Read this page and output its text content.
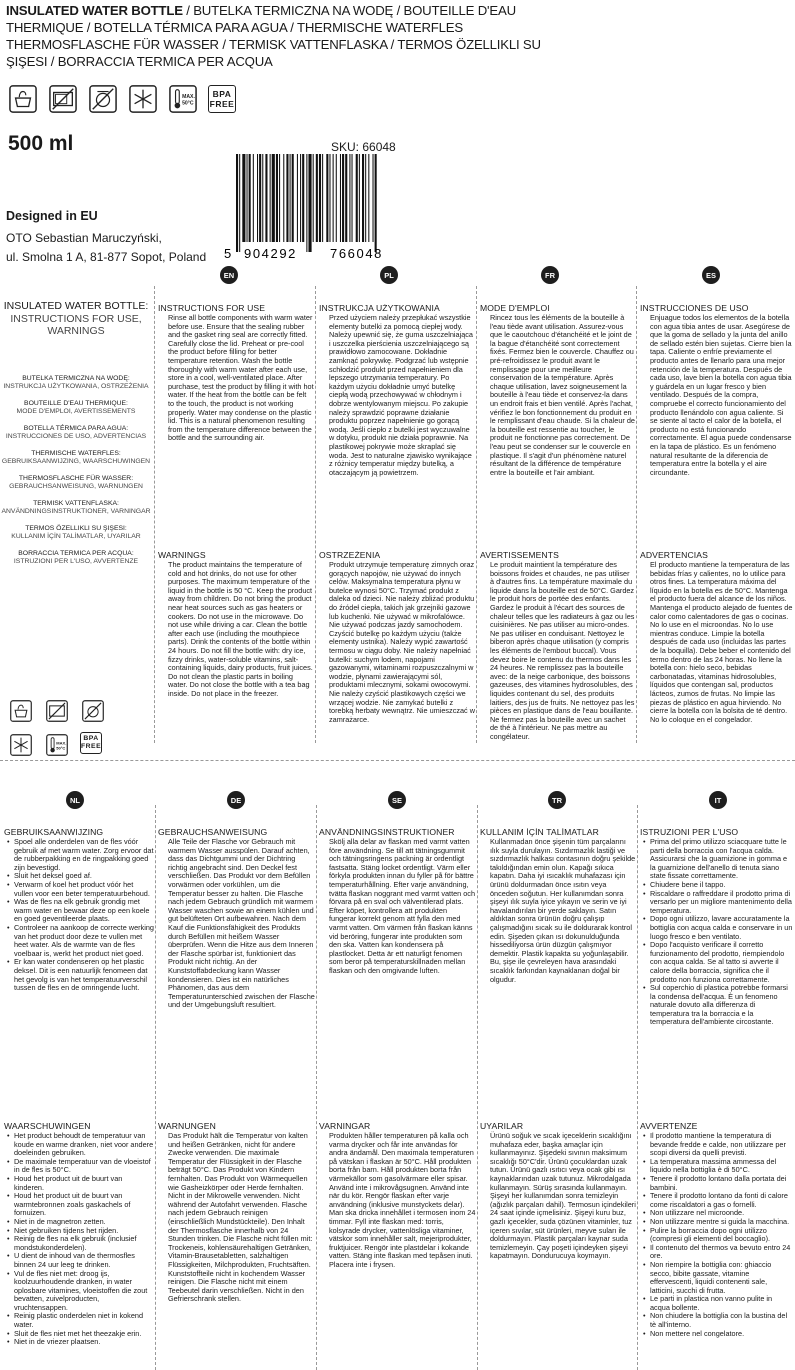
INSULATED WATER BOTTLE / BUTELKA TERMICZNA NA WODĘ / BOUTEILLE D'EAU THERMIQUE / BOTELLA TÉRMICA PARA AGUA / THERMISCHE WATERFLES THERMOSFLASCHE FÜR WASSER / TERMISK VATTENFLASKA / TERMOS ÖZELLIKLI SU ŞIŞESI / BORRACCIA TERMICA PER ACQUA
MAX.
50°C
BPA
FREE
500 ml	SKU: 66048
5 904292	766048
Designed in EU
OTO Sebastian Maruczyński,
ul. Smolna 1 A, 81-877 Sopot, Poland
EN	PL	FR	ES
INSULATED WATER BOTTLE:
INSTRUCTIONS FOR USE, WARNINGS
BUTELKA TERMICZNA NA WODĘ:
INSTRUKCJA UŻYTKOWANIA, OSTRZEŻENIA
BOUTEILLE D'EAU THERMIQUE:
MODE D'EMPLOI, AVERTISSEMENTS
BOTELLA TÉRMICA PARA AGUA:
INSTRUCCIONES DE USO, ADVERTENCIAS
THERMISCHE WATERFLES:
GEBRUIKSAANWIJZING, WAARSCHUWINGEN
THERMOSFLASCHE FÜR WASSER:
GEBRAUCHSANWEISUNG, WARNUNGEN
TERMISK VATTENFLASKA:
ANVÄNDNINGSINSTRUKTIONER, VARNINGAR
TERMOS ÖZELLIKLI SU ŞIŞESI:
KULLANIM İÇİN TALİMATLAR, UYARILAR
BORRACCIA TERMICA PER ACQUA:
ISTRUZIONI PER L'USO, AVVERTENZE
MAX.
50°C
BPA
FREE
INSTRUCTIONS FOR USE

Rinse all bottle components with warm water before use. Ensure that the sealing rubber and the gasket ring seal are correctly fitted. Carefully close the lid. Preheat or pre-cool the product before filling for better temperature retention. Wash the bottle thoroughly with warm water after each use, store in a cool, well-ventilated place. After purchase, test the product by filling it with hot water. If the heat from the bottle can be felt to the touch, the product is not working properly. Water may condense on the plastic lid. This is a natural phenomenon resulting from the temperature difference between the bottle and the surrounding air.

WARNINGS

The product maintains the temperature of cold and hot drinks, do not use for other purposes. The maximum temperature of the liquid in the bottle is 50 °C. Keep the product away from children. Do not bring the product near heat sources such as gas heaters or cookers. Do not use in the microwave. Do not use while driving a car. Clean the bottle after each use (including the mouthpiece parts). Drink the contents of the bottle within 24 hours. Do not fill the bottle with: dry ice, fizzy drinks, water-soluble vitamins, salt-containing liquids, dairy products, fruit juices. Do not clean the plastic parts in boiling water. Do not close the bottle with a tea bag inside. Do not place in the freezer.

INSTRUKCJA UŻYTKOWANIA

Przed użyciem należy przepłukać wszystkie elementy butelki za pomocą ciepłej wody. Należy upewnić się, że guma uszczelniająca i uszczelka pierścienia uszczelniającego są prawidłowo zamocowane. Dokładnie zamknąć pokrywkę. Podgrzać lub wstępnie schłodzić produkt przed napełnieniem dla lepszego utrzymania temperatury. Po każdym użyciu dokładnie umyć butelkę ciepłą wodą przechowywać w chłodnym i dobrze wentylowanym miejscu. Po zakupie należy sprawdzić poprawne działanie produktu poprzez napełnienie go gorącą wodą. Jeśli ciepło z butelki jest wyczuwalne w dotyku, produkt nie działa poprawnie. Na plastikowej pokrywie może skraplać się woda. Jest to naturalne zjawisko wynikające z różnicy temperatur między butelką, a otaczającym ją powietrzem.

OSTRZEŻENIA

Produkt utrzymuje temperaturę zimnych oraz gorących napojów, nie używać do innych celów. Maksymalna temperatura płynu w butelce wynosi 50°C. Trzymać produkt z daleka od dzieci. Nie należy zbliżać produktu do źródeł ciepła, takich jak grzejniki gazowe lub kuchenki. Nie używać w mikrofalówce. Nie używać podczas jazdy samochodem. Czyścić butelkę po każdym użyciu (także elementy ustnika). Należy wypić zawartość termosu w ciągu doby. Nie należy napełniać butelki: suchym lodem, napojami gazowanymi, witaminami rozpuszczalnymi w wodzie, płynami zawierającymi sól, produktami mlecznymi, sokami owocowymi. Nie należy czyścić plastikowych części we wrzącej wodzie. Nie zamykać butelki z torebką herbaty wewnątrz. Nie umieszczać w zamrażarce.

MODE D'EMPLOI

Rincez tous les éléments de la bouteille à l'eau tiède avant utilisation. Assurez-vous que le caoutchouc d'étanchéité et le joint de la bague d'étanchéité sont correctement fixés. Fermez bien le couvercle. Chauffez ou pré-refroidissez le produit avant le remplissage pour une meilleure conservation de la température. Après chaque utilisation, lavez soigneusement la bouteille à l'eau tiède et conservez-la dans un endroit frais et bien ventilé. Après l'achat, vérifiez le bon fonctionnement du produit en le remplissant d'eau chaude. Si la chaleur de la bouteille est ressentie au toucher, le produit ne fonctionne pas correctement. De l'eau peut se condenser sur le couvercle en plastique. Il s'agit d'un phénomène naturel résultant de la différence de température entre la bouteille et l'air ambiant.

AVERTISSEMENTS

Le produit maintient la température des boissons froides et chaudes, ne pas utiliser à d'autres fins. La température maximale du liquide dans la bouteille est de 50°C. Gardez le produit hors de portée des enfants. Gardez le produit à l'écart des sources de chaleur telles que les radiateurs à gaz ou les cuisinières. Ne pas utiliser au micro-ondes. Ne pas utiliser en conduisant. Nettoyez le biberon après chaque utilisation (y compris les éléments de l'embout buccal). Vous devez boire le contenu du thermos dans les 24 heures. Ne remplissez pas la bouteille avec: de la neige carbonique, des boissons gazeuses, des vitamines hydrosolubles, des liquides contenant du sel, des produits laitiers, des jus de fruits. Ne nettoyez pas les pièces en plastique dans de l'eau bouillante. Ne fermez pas la bouteille avec un sachet de thé à l'intérieur. Ne pas mettre au congélateur.

INSTRUCCIONES DE USO

Enjuague todos los elementos de la botella con agua tibia antes de usar. Asegúrese de que la goma de sellado y la junta del anillo de sellado estén bien sujetas. Cierre bien la tapa. Caliente o enfríe previamente el producto antes de llenarlo para una mejor retención de la temperatura. Después de cada uso, lave bien la botella con agua tibia y guárdela en un lugar fresco y bien ventilado. Después de la compra, compruebe el correcto funcionamiento del producto llenándolo con agua caliente. Si se siente al tacto el calor de la botella, el producto no está funcionando correctamente. El agua puede condensarse en la tapa de plástico. Es un fenómeno natural resultante de la diferencia de temperatura entre la botella y el aire circundante.

ADVERTENCIAS

El producto mantiene la temperatura de las bebidas frías y calientes, no lo utilice para otros fines. La temperatura máxima del líquido en la botella es de 50°C. Mantenga el producto fuera del alcance de los niños. Mantenga el producto alejado de fuentes de calor como calentadores de gas o cocinas. No lo use en el microondas. No lo use mientras conduce. Limpie la botella después de cada uso (incluidas las partes de la boquilla). Debe beber el contenido del termo dentro de las 24 horas. No llene la botella con: hielo seco, bebidas carbonatadas, vitaminas hidrosolubles, líquidos que contengan sal, productos lácteos, zumos de frutas. No limpie las piezas de plástico en agua hirviendo. No cierre la botella con la bolsita de té dentro. No lo coloque en el congelador.

NL	DE	SE	TR	IT
GEBRUIKSAANWIJZING
• Spoel alle onderdelen van de fles vóór gebruik af met warm water. Zorg ervoor dat de rubberpakking en de ringpakking goed zijn bevestigd.
• Sluit het deksel goed af.
• Verwarm of koel het product vóór het vullen voor een beter temperatuurbehoud.
• Was de fles na elk gebruik grondig met warm water en bewaar deze op een koele en goed geventileerde plaats.
• Controleer na aankoop de correcte werking van het product door deze te vullen met heet water. Als de warmte van de fles voelbaar is, werkt het product niet goed.
• Er kan water condenseren op het plastic deksel. Dit is een natuurlijk fenomeen dat het gevolg is van het temperatuurverschil tussen de fles en de omringende lucht.
WAARSCHUWINGEN
• Het product behoudt de temperatuur van koude en warme dranken, niet voor andere doeleinden gebruiken.
• De maximale temperatuur van de vloeistof in de fles is 50°C.
• Houd het product uit de buurt van kinderen.
• Houd het product uit de buurt van warmtebronnen zoals gaskachels of fornuizen.
• Niet in de magnetron zetten.
• Niet gebruiken tijdens het rijden.
• Reinig de fles na elk gebruik (inclusief mondstukonderdelen).
• U dient de inhoud van de thermosfles binnen 24 uur leeg te drinken.
• Vul de fles niet met: droog ijs, koolzuurhoudende dranken, in water oplosbare vitamines, vloeistoffen die zout bevatten, zuivelproducten, vruchtensappen.
• Reinig plastic onderdelen niet in kokend water.
• Sluit de fles niet met het theezakje erin.
• Niet in de vriezer plaatsen.
GEBRAUCHSANWEISUNG

Alle Teile der Flasche vor Gebrauch mit warmem Wasser ausspülen. Darauf achten, dass das Dichtgummi und der Dichtring richtig angebracht sind. Den Deckel fest verschließen. Das Produkt vor dem Befüllen vorwärmen oder vorkühlen, um die Temperatur besser zu halten. Die Flasche nach jedem Gebrauch gründlich mit warmem Wasser waschen sowie an einem kühlen und gut belüfteten Ort aufbewahren. Nach dem Kauf die Funktionsfähigkeit des Produkts durch Befüllen mit heißem Wasser überprüfen. Wenn die Hitze aus dem Inneren der Flasche spürbar ist, funktioniert das Produkt nicht richtig. An der Kunststoffabdeckung kann Wasser kondensieren. Dies ist ein natürliches Phänomen, das aus dem Temperaturunterschied zwischen der Flasche und der Umgebungsluft resultiert.

WARNUNGEN

Das Produkt hält die Temperatur von kalten und heißen Getränken, nicht für andere Zwecke verwenden. Die maximale Temperatur der Flüssigkeit in der Flasche beträgt 50°C. Das Produkt von Kindern fernhalten. Das Produkt von Wärmequellen wie Gasheizkörper oder Herde fernhalten. Nicht in der Mikrowelle verwenden. Nicht während der Autofahrt verwenden. Flasche nach jedem Gebrauch reinigen (einschließlich Mundstückteile). Den Inhalt der Thermosflasche innerhalb von 24 Stunden trinken. Die Flasche nicht füllen mit: Trockeneis, kohlensäurehaltigen Getränken, Vitamin-Brausetabletten, salzhaltigen Flüssigkeiten, Milchprodukten, Fruchtsäften. Kunststoffteile nicht in kochendem Wasser reinigen. Die Flasche nicht mit einem Teebeutel darin verschließen. Nicht in den Gefrierschrank stellen.

ANVÄNDNINGSINSTRUKTIONER

Skölj alla delar av flaskan med varmt vatten före användning. Se till att tätningsgummit och tätningsringens packning är ordentligt fastsatta. Stäng locket ordentligt. Värm eller förkyla produkten innan du fyller på för bättre temperaturhållning. Efter varje användning, tvätta flaskan noggrant med varmt vatten och förvara på en sval och välventilerad plats. Efter köpet, kontrollera att produkten fungerar korrekt genom att fylla den med varmt vatten. Om värmen från flaskan känns vid beröring, fungerar inte produkten som den ska. Vatten kan kondensera på plastlocket. Detta är ett naturligt fenomen som beror på temperaturskillnaden mellan flaskan och den omgivande luften.

VARNINGAR

Produkten håller temperaturen på kalla och varma drycker och får inte användas för andra ändamål. Den maximala temperaturen på vätskan i flaskan är 50°C. Håll produkten borta från barn. Håll produkten borta från värmekällor som gasolvärmare eller spisar. Använd inte i mikrovågsugnen. Använd inte när du kör. Rengör flaskan efter varje användning (inklusive munstyckets delar). Man ska dricka innehållet i termosen inom 24 timmar. Fyll inte flaskan med: torris, kolsyrade drycker, vattenlösliga vitaminer, vätskor som innehåller salt, mejeriprodukter, fruktjuicer. Rengör inte plastdelar i kokande vatten. Stäng inte flaskan med tepåsen inuti. Placera inte i frysen.

KULLANIM İÇİN TALİMATLAR

Kullanmadan önce şişenin tüm parçalarını ılık suyla durulayın. Sızdırmazlık lastiği ve sızdırmazlık halkası contasının doğru şekilde takıldığından emin olun. Kapağı sıkıca kapatın. Daha iyi ısıcaklık muhafazası için ürünü doldurmadan önce ısıtın veya önceden soğutun. Her kullanımdan sonra şişeyi ılık suyla iyice yıkayın ve serin ve iyi havalandırılan bir yerde saklayın. Satın aldıktan sonra ürünün doğru çalışıp çalışmadığını sıcak su ile doldurarak kontrol edin. Şişeden çıkan ısı dokunulduğunda hissediliyorsa ürün düzgün çalışmıyor demektir. Plastik kapakta su yoğunlaşabilir. Bu, şişe ile çevreleyen hava arasındaki sıcaklık farkından kaynaklanan doğal bir olgudur.

UYARILAR

Ürünü soğuk ve sıcak içeceklerin sıcaklığını muhafaza eder, başka amaçlar için kullanmayınız. Şişedeki sıvının maksimum sıcaklığı 50°C'dir. Ürünü çocuklardan uzak tutun. Ürünü gazlı ısıtıcı veya ocak gibi ısı kaynaklarından uzak tutunuz. Mikrodalgada kullanmayın. Sürüş sırasında kullanmayın. Şişeyi her kullanımdan sonra temizleyin (ağızlık parçaları dahil). Termosun içindekileri 24 saat içinde içmelisiniz. Şişeyi kuru buz, gazlı içecekler, suda çözünen vitaminler, tuz içeren sıvılar, süt ürünleri, meyve suları ile doldurmayın. Plastik parçaları kaynar suda temizlemeyin. Çay poşeti içindeyken şişeyi kapatmayın. Dondurucuya koymayın.

ISTRUZIONI PER L'USO
• Prima del primo utilizzo sciacquare tutte le parti della borraccia con l'acqua calda. Assicurarsi che la guarnizione in gomma e la guarnizione dell'anello di tenuta siano state fissate correttamente.
• Chiudere bene il tappo.
• Riscaldare o raffreddare il prodotto prima di versarlo per un migliore mantenimento della temperatura.
• Dopo ogni utilizzo, lavare accuratamente la bottiglia con acqua calda e conservare in un luogo fresco e ben ventilato.
• Dopo l'acquisto verificare il corretto funzionamento del prodotto, riempiendolo con acqua calda. Se al tatto si avverte il calore della borraccia, significa che il prodotto non funziona correttamente.
• Sul coperchio di plastica potrebbe formarsi la condensa dell'acqua. È un fenomeno naturale dovuto alla differenza di temperatura tra la borraccia e la temperatura dell'ambiente circostante.
AVVERTENZE
• Il prodotto mantiene la temperatura di bevande fredde e calde, non utilizzare per scopi diversi da quelli previsti.
• La temperatura massima ammessa del liquido nella bottiglia è di 50°C.
• Tenere il prodotto lontano dalla portata dei bambini.
• Tenere il prodotto lontano da fonti di calore come riscaldatori a gas o fornelli.
• Non utilizzare nel microonde.
• Non utilizzare mentre si guida la macchina.
• Pulire la borraccia dopo ogni utilizzo (compresi gli elementi del boccaglio).
• Il contenuto del thermos va bevuto entro 24 ore.
• Non riempire la bottiglia con: ghiaccio secco, bibite gassate, vitamine effervescenti, liquidi contenenti sale, latticini, succhi di frutta.
• Le parti in plastica non vanno pulite in acqua bollente.
• Non chiudere la bottiglia con la bustina del tè all'interno.
• Non mettere nel congelatore.
